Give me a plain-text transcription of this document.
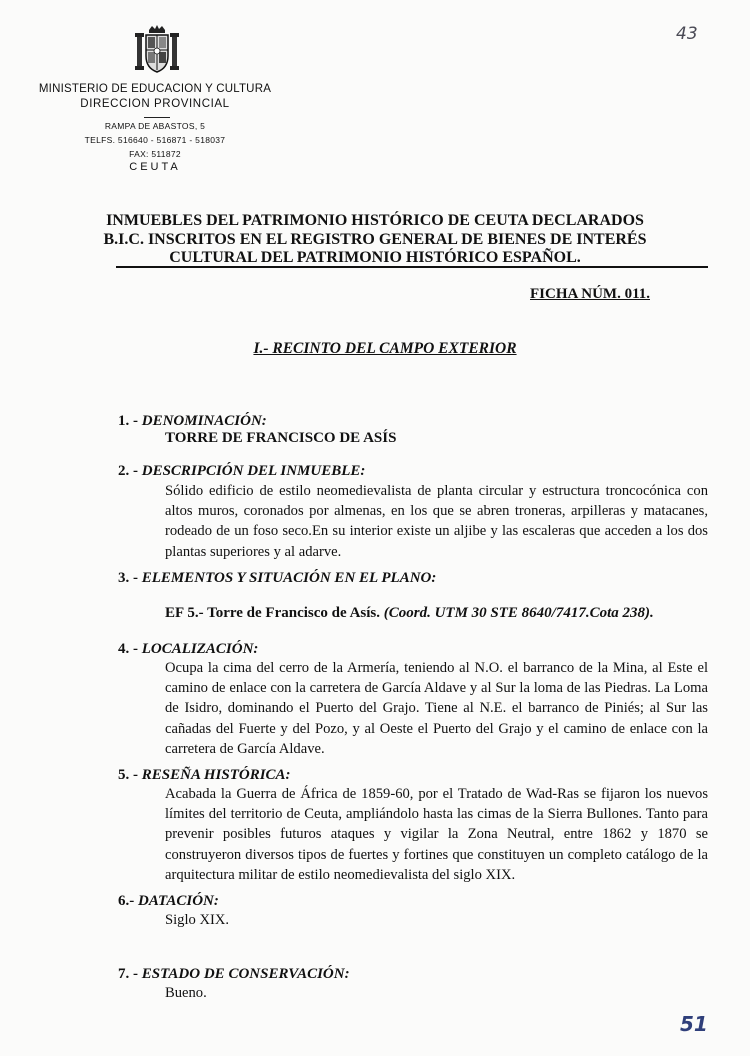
MINISTERIO DE EDUCACION Y CULTURA
DIRECCION PROVINCIAL
RAMPA DE ABASTOS, 5
TELFS. 516640 - 516871 - 518037
FAX: 511872
CEUTA
43
51
INMUEBLES DEL PATRIMONIO HISTÓRICO DE CEUTA DECLARADOS
B.I.C. INSCRITOS EN EL REGISTRO GENERAL DE BIENES DE INTERÉS
CULTURAL DEL PATRIMONIO HISTÓRICO ESPAÑOL.
FICHA NÚM. 011.
I.- RECINTO DEL CAMPO EXTERIOR
1. - DENOMINACIÓN:
TORRE DE FRANCISCO DE ASÍS
2. - DESCRIPCIÓN DEL INMUEBLE:
Sólido edificio de estilo neomedievalista de planta circular y estructura troncocónica con altos muros, coronados por almenas, en los que se abren troneras, arpilleras y matacanes, rodeado de un foso seco.En su interior existe un aljibe y las escaleras que acceden a los dos plantas superiores y al adarve.
3. - ELEMENTOS Y SITUACIÓN EN EL PLANO:
EF 5.- Torre de Francisco de Asís. (Coord. UTM 30 STE 8640/7417.Cota 238).
4. - LOCALIZACIÓN:
Ocupa la cima del cerro de la Armería, teniendo al N.O. el barranco de la Mina, al Este el camino de enlace con la carretera de García Aldave y al Sur la loma de las Piedras. La Loma de Isidro, dominando el Puerto del Grajo. Tiene al N.E. el barranco de Piniés; al Sur las cañadas del Fuerte y del Pozo, y al Oeste el Puerto del Grajo y el camino de enlace con la carretera de García Aldave.
5. - RESEÑA HISTÓRICA:
Acabada la Guerra de África de 1859-60, por el Tratado de Wad-Ras se fijaron los nuevos límites del territorio de Ceuta, ampliándolo hasta las cimas de la Sierra Bullones. Tanto para prevenir posibles futuros ataques y vigilar la Zona Neutral, entre 1862 y 1870 se construyeron diversos tipos de fuertes y fortines que constituyen un completo catálogo de la arquitectura militar de estilo neomedievalista del siglo XIX.
6.- DATACIÓN:
Siglo XIX.
7. - ESTADO DE CONSERVACIÓN:
Bueno.
